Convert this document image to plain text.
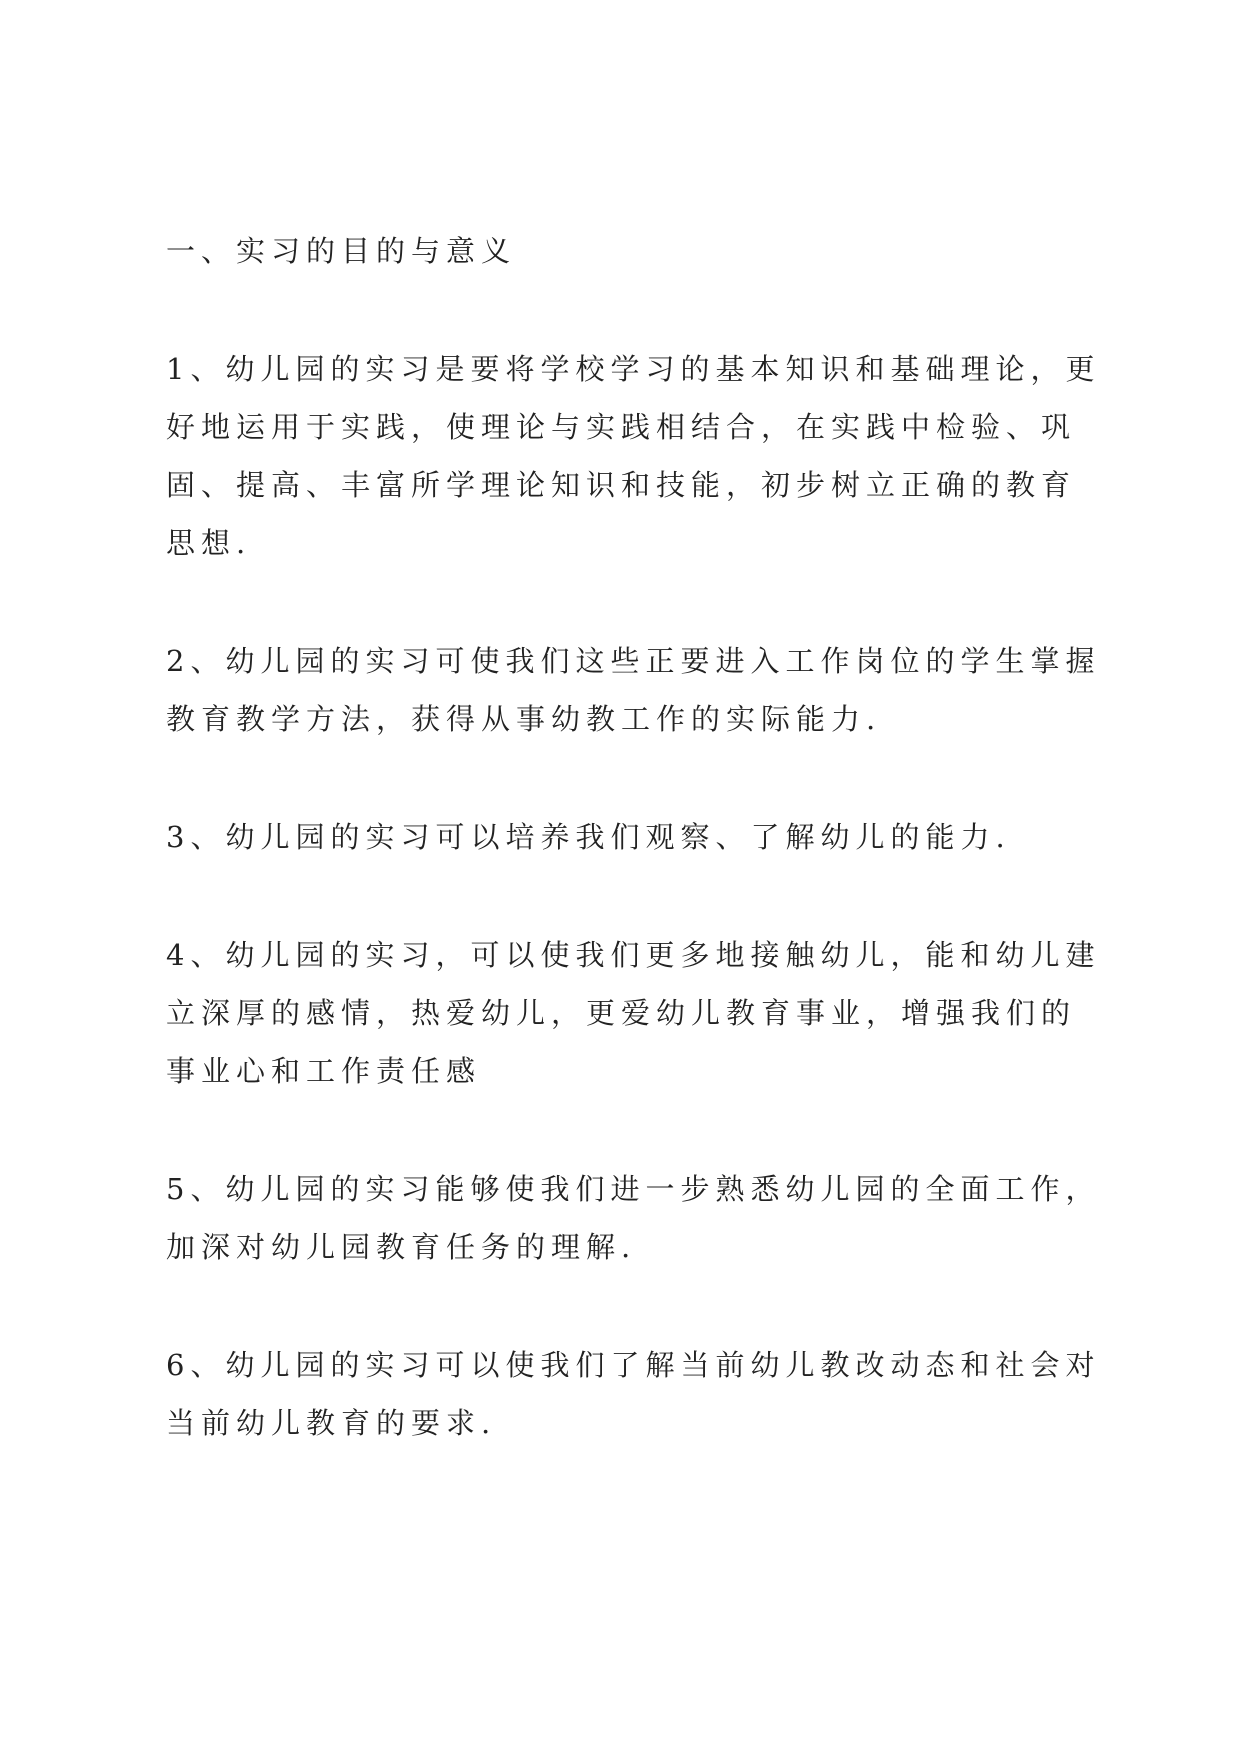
一、实习的目的与意义

1、幼儿园的实习是要将学校学习的基本知识和基础理论，更好地运用于实践，使理论与实践相结合，在实践中检验、巩固、提高、丰富所学理论知识和技能，初步树立正确的教育思想.

2、幼儿园的实习可使我们这些正要进入工作岗位的学生掌握教育教学方法，获得从事幼教工作的实际能力.

3、幼儿园的实习可以培养我们观察、了解幼儿的能力.

4、幼儿园的实习，可以使我们更多地接触幼儿，能和幼儿建立深厚的感情，热爱幼儿，更爱幼儿教育事业，增强我们的事业心和工作责任感

5、幼儿园的实习能够使我们进一步熟悉幼儿园的全面工作，加深对幼儿园教育任务的理解.

6、幼儿园的实习可以使我们了解当前幼儿教改动态和社会对当前幼儿教育的要求.
